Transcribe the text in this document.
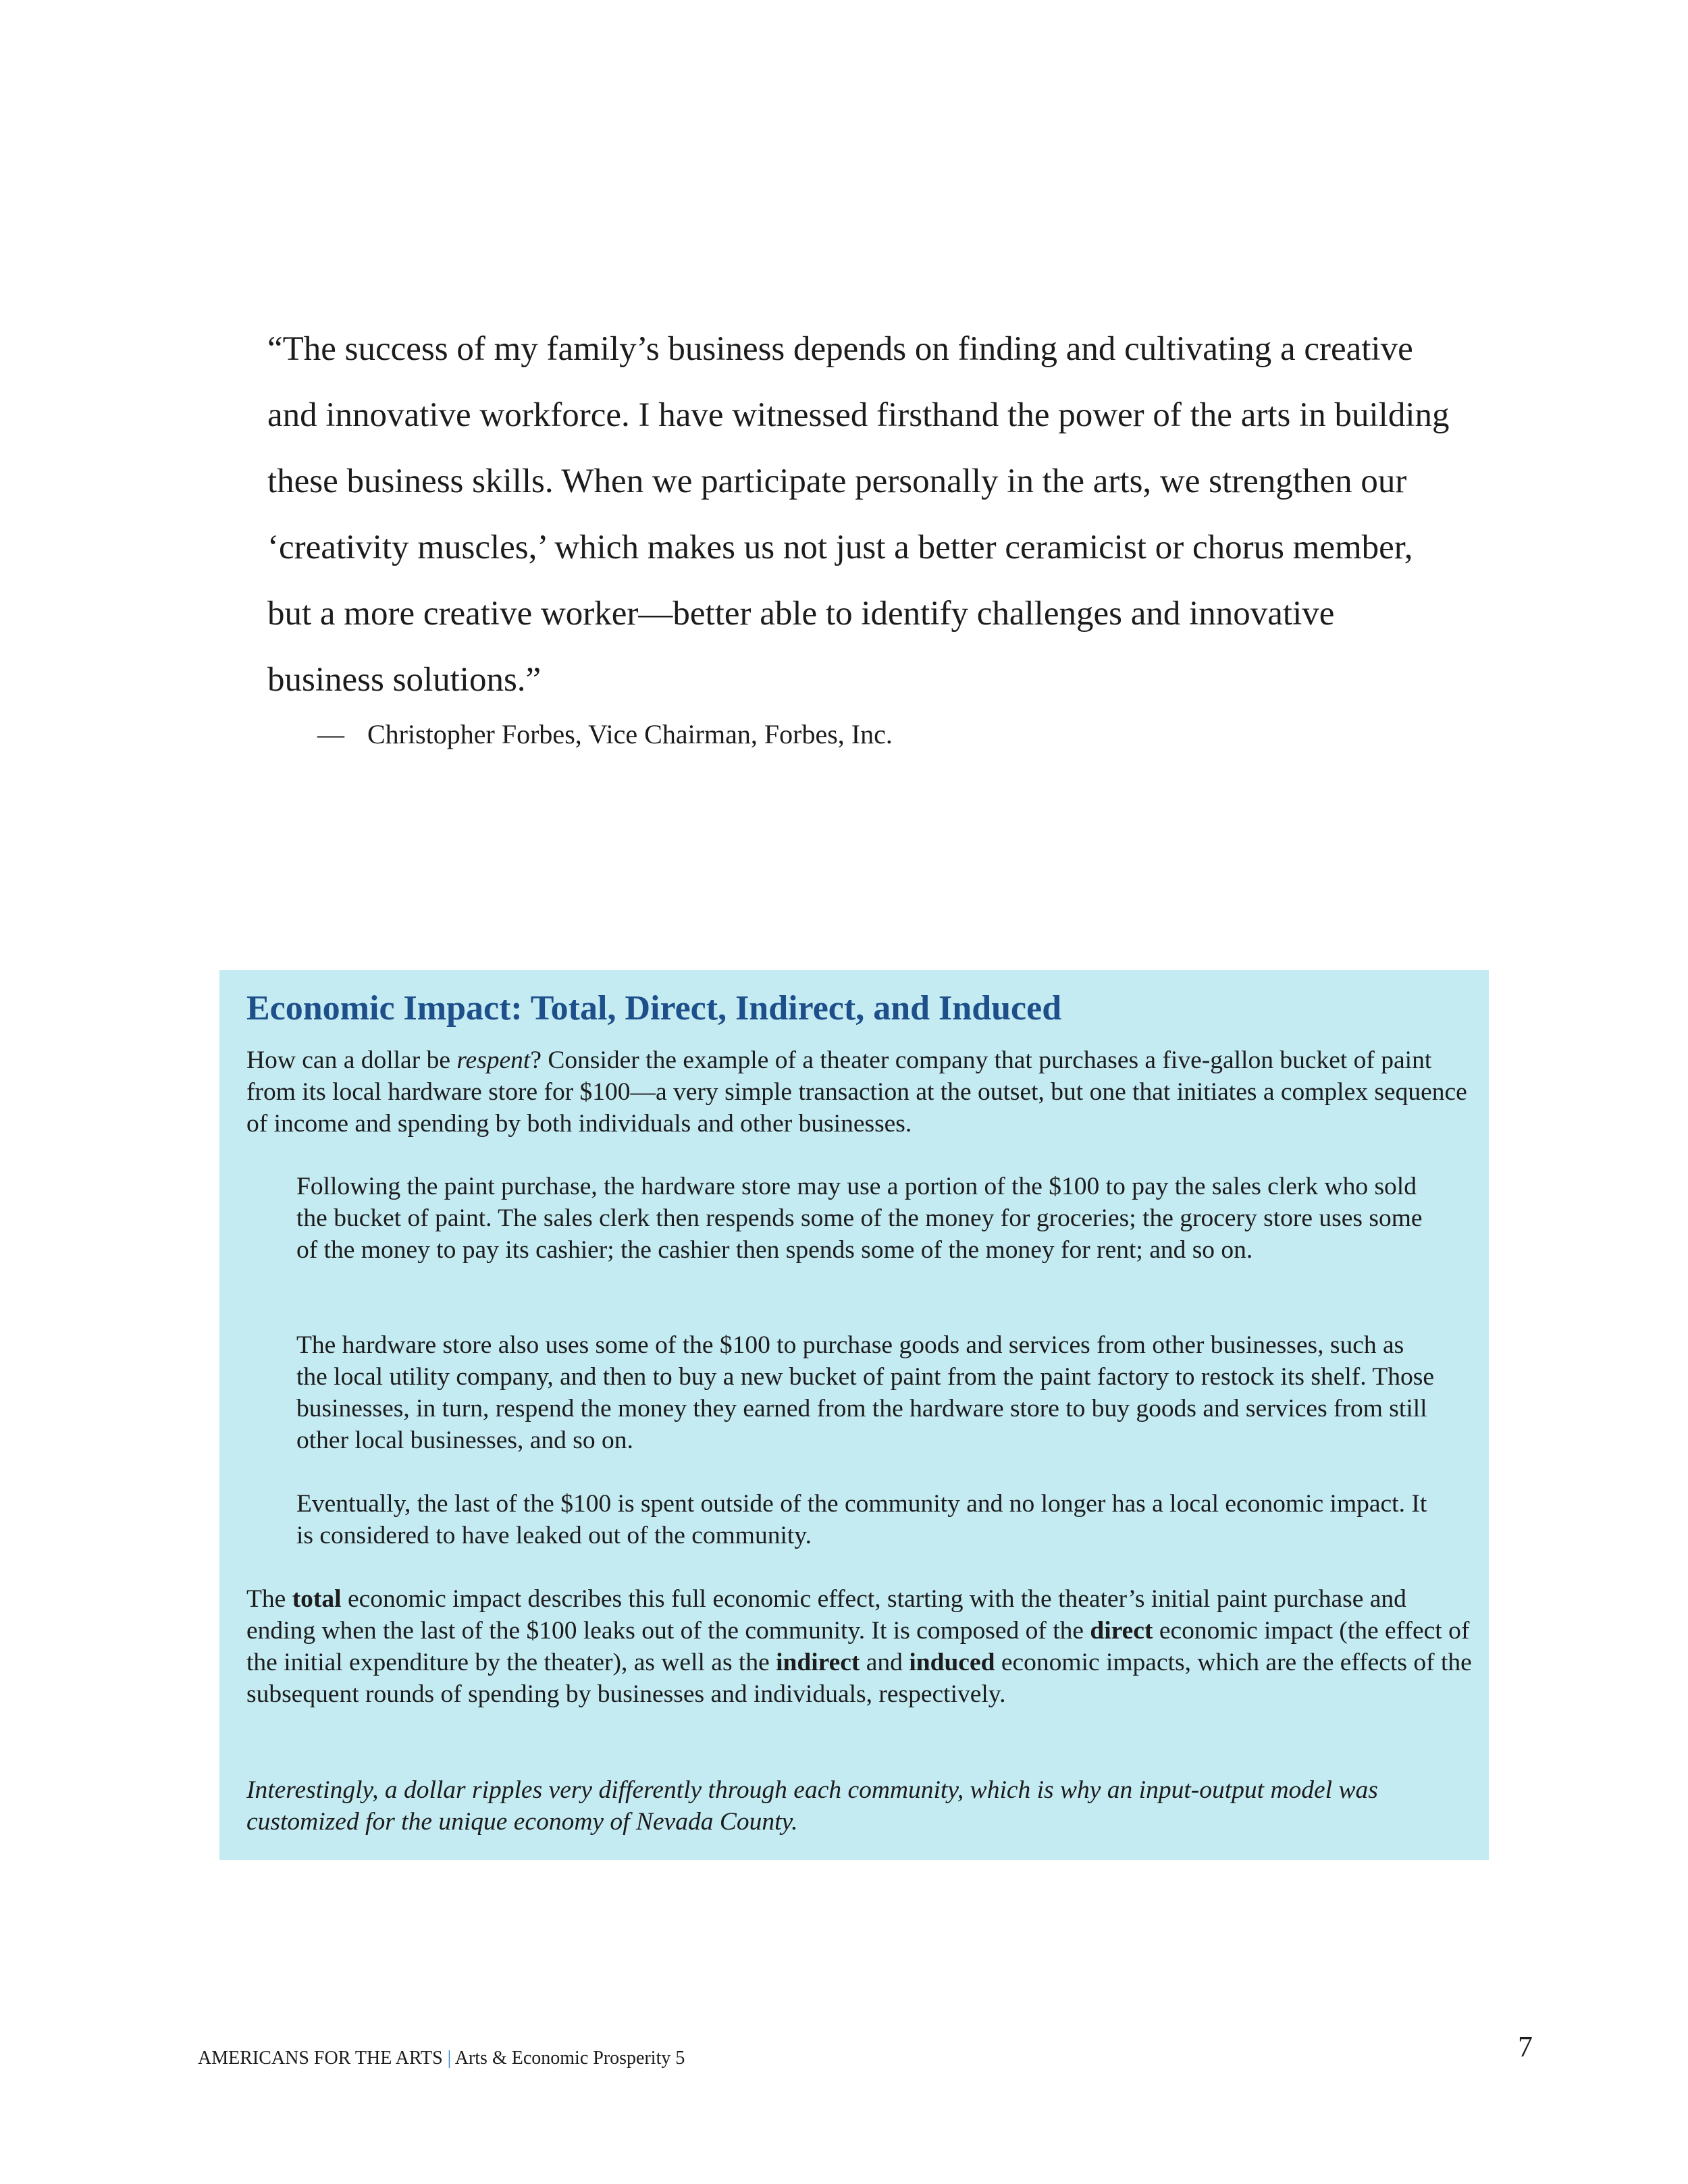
“The success of my family’s business depends on finding and cultivating a creative and innovative workforce. I have witnessed firsthand the power of the arts in building these business skills. When we participate personally in the arts, we strengthen our ‘creativity muscles,’ which makes us not just a better ceramicist or chorus member, but a more creative worker—better able to identify challenges and innovative business solutions.”

— Christopher Forbes, Vice Chairman, Forbes, Inc.

Economic Impact: Total, Direct, Indirect, and Induced

How can a dollar be respent? Consider the example of a theater company that purchases a five-gallon bucket of paint from its local hardware store for $100—a very simple transaction at the outset, but one that initiates a complex sequence of income and spending by both individuals and other businesses.

Following the paint purchase, the hardware store may use a portion of the $100 to pay the sales clerk who sold the bucket of paint. The sales clerk then respends some of the money for groceries; the grocery store uses some of the money to pay its cashier; the cashier then spends some of the money for rent; and so on.

The hardware store also uses some of the $100 to purchase goods and services from other businesses, such as the local utility company, and then to buy a new bucket of paint from the paint factory to restock its shelf. Those businesses, in turn, respend the money they earned from the hardware store to buy goods and services from still other local businesses, and so on.

Eventually, the last of the $100 is spent outside of the community and no longer has a local economic impact. It is considered to have leaked out of the community.

The total economic impact describes this full economic effect, starting with the theater’s initial paint purchase and ending when the last of the $100 leaks out of the community. It is composed of the direct economic impact (the effect of the initial expenditure by the theater), as well as the indirect and induced economic impacts, which are the effects of the subsequent rounds of spending by businesses and individuals, respectively.

Interestingly, a dollar ripples very differently through each community, which is why an input-output model was customized for the unique economy of Nevada County.

AMERICANS FOR THE ARTS | Arts & Economic Prosperity 5	7
